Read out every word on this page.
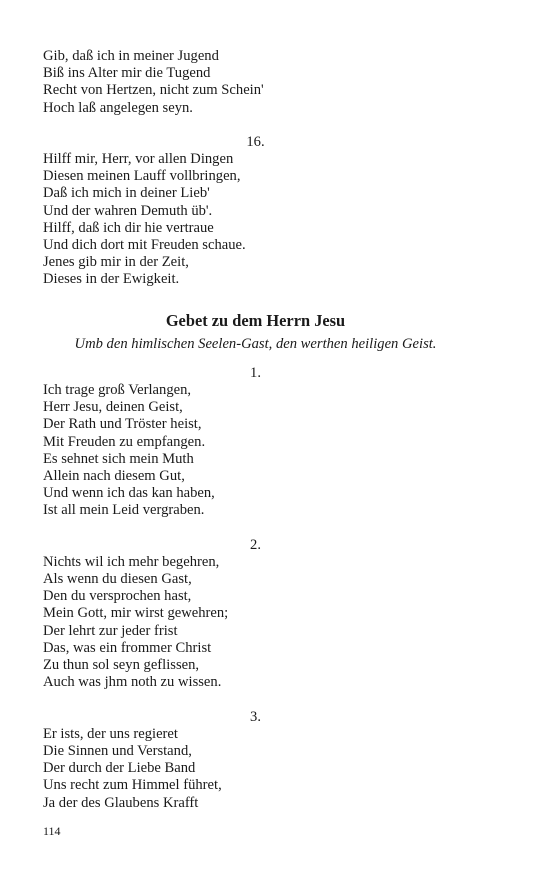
Gib, daß ich in meiner Jugend
Biß ins Alter mir die Tugend
Recht von Hertzen, nicht zum Schein'
Hoch laß angelegen seyn.
16.
Hilff mir, Herr, vor allen Dingen
Diesen meinen Lauff vollbringen,
Daß ich mich in deiner Lieb'
Und der wahren Demuth üb'.
Hilff, daß ich dir hie vertraue
Und dich dort mit Freuden schaue.
Jenes gib mir in der Zeit,
Dieses in der Ewigkeit.
Gebet zu dem Herrn Jesu
Umb den himlischen Seelen-Gast, den werthen heiligen Geist.
1.
Ich trage groß Verlangen,
Herr Jesu, deinen Geist,
Der Rath und Tröster heist,
Mit Freuden zu empfangen.
Es sehnet sich mein Muth
Allein nach diesem Gut,
Und wenn ich das kan haben,
Ist all mein Leid vergraben.
2.
Nichts wil ich mehr begehren,
Als wenn du diesen Gast,
Den du versprochen hast,
Mein Gott, mir wirst gewehren;
Der lehrt zur jeder frist
Das, was ein frommer Christ
Zu thun sol seyn geflissen,
Auch was jhm noth zu wissen.
3.
Er ists, der uns regieret
Die Sinnen und Verstand,
Der durch der Liebe Band
Uns recht zum Himmel führet,
Ja der des Glaubens Krafft
114
